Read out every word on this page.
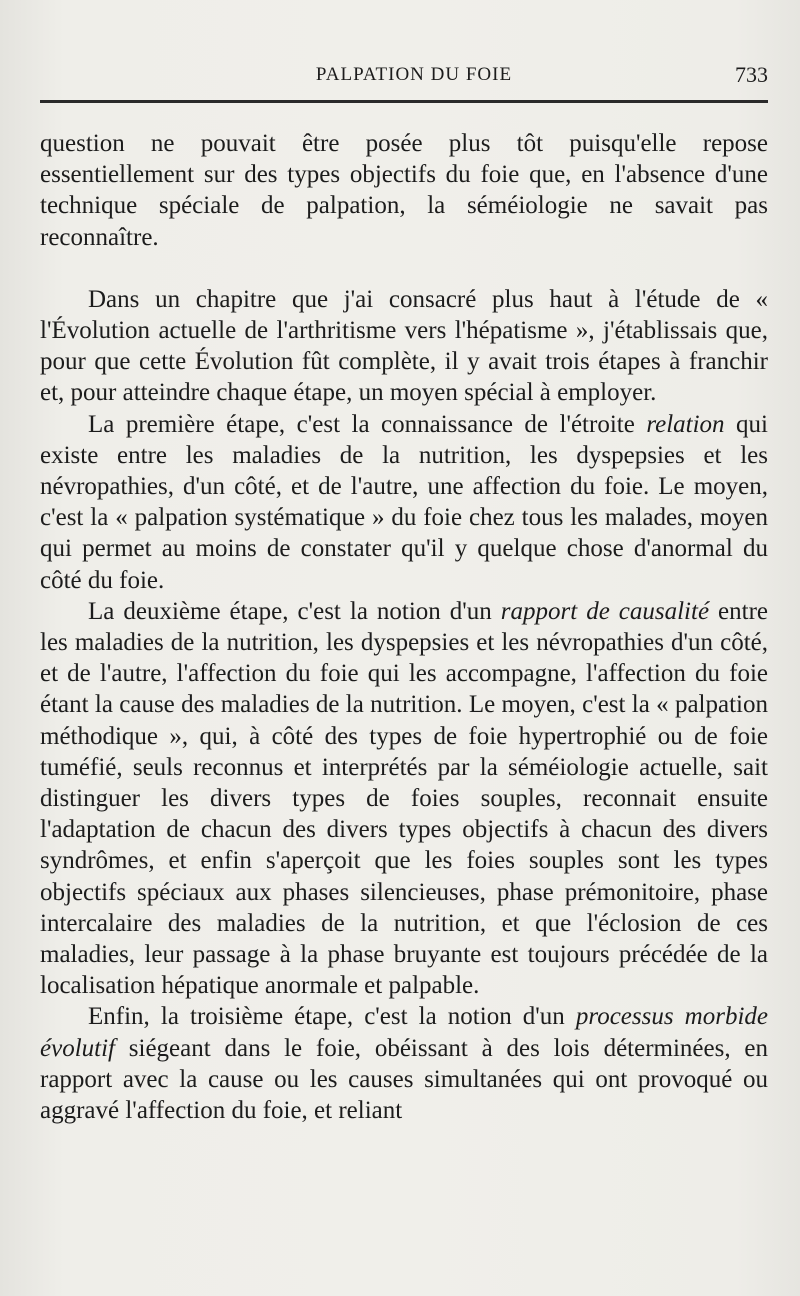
PALPATION DU FOIE	733

question ne pouvait être posée plus tôt puisqu'elle repose essentiellement sur des types objectifs du foie que, en l'absence d'une technique spéciale de palpation, la séméiologie ne savait pas reconnaître.

Dans un chapitre que j'ai consacré plus haut à l'étude de « l'Évolution actuelle de l'arthritisme vers l'hépatisme », j'établissais que, pour que cette Évolution fût complète, il y avait trois étapes à franchir et, pour atteindre chaque étape, un moyen spécial à employer.

La première étape, c'est la connaissance de l'étroite relation qui existe entre les maladies de la nutrition, les dyspepsies et les névropathies, d'un côté, et de l'autre, une affection du foie. Le moyen, c'est la « palpation systématique » du foie chez tous les malades, moyen qui permet au moins de constater qu'il y quelque chose d'anormal du côté du foie.

La deuxième étape, c'est la notion d'un rapport de causalité entre les maladies de la nutrition, les dyspepsies et les névropathies d'un côté, et de l'autre, l'affection du foie qui les accompagne, l'affection du foie étant la cause des maladies de la nutrition. Le moyen, c'est la « palpation méthodique », qui, à côté des types de foie hypertrophié ou de foie tuméfié, seuls reconnus et interprétés par la séméiologie actuelle, sait distinguer les divers types de foies souples, reconnait ensuite l'adaptation de chacun des divers types objectifs à chacun des divers syndrômes, et enfin s'aperçoit que les foies souples sont les types objectifs spéciaux aux phases silencieuses, phase prémonitoire, phase intercalaire des maladies de la nutrition, et que l'éclosion de ces maladies, leur passage à la phase bruyante est toujours précédée de la localisation hépatique anormale et palpable.

Enfin, la troisième étape, c'est la notion d'un processus morbide évolutif siégeant dans le foie, obéissant à des lois déterminées, en rapport avec la cause ou les causes simultanées qui ont provoqué ou aggravé l'affection du foie, et reliant
